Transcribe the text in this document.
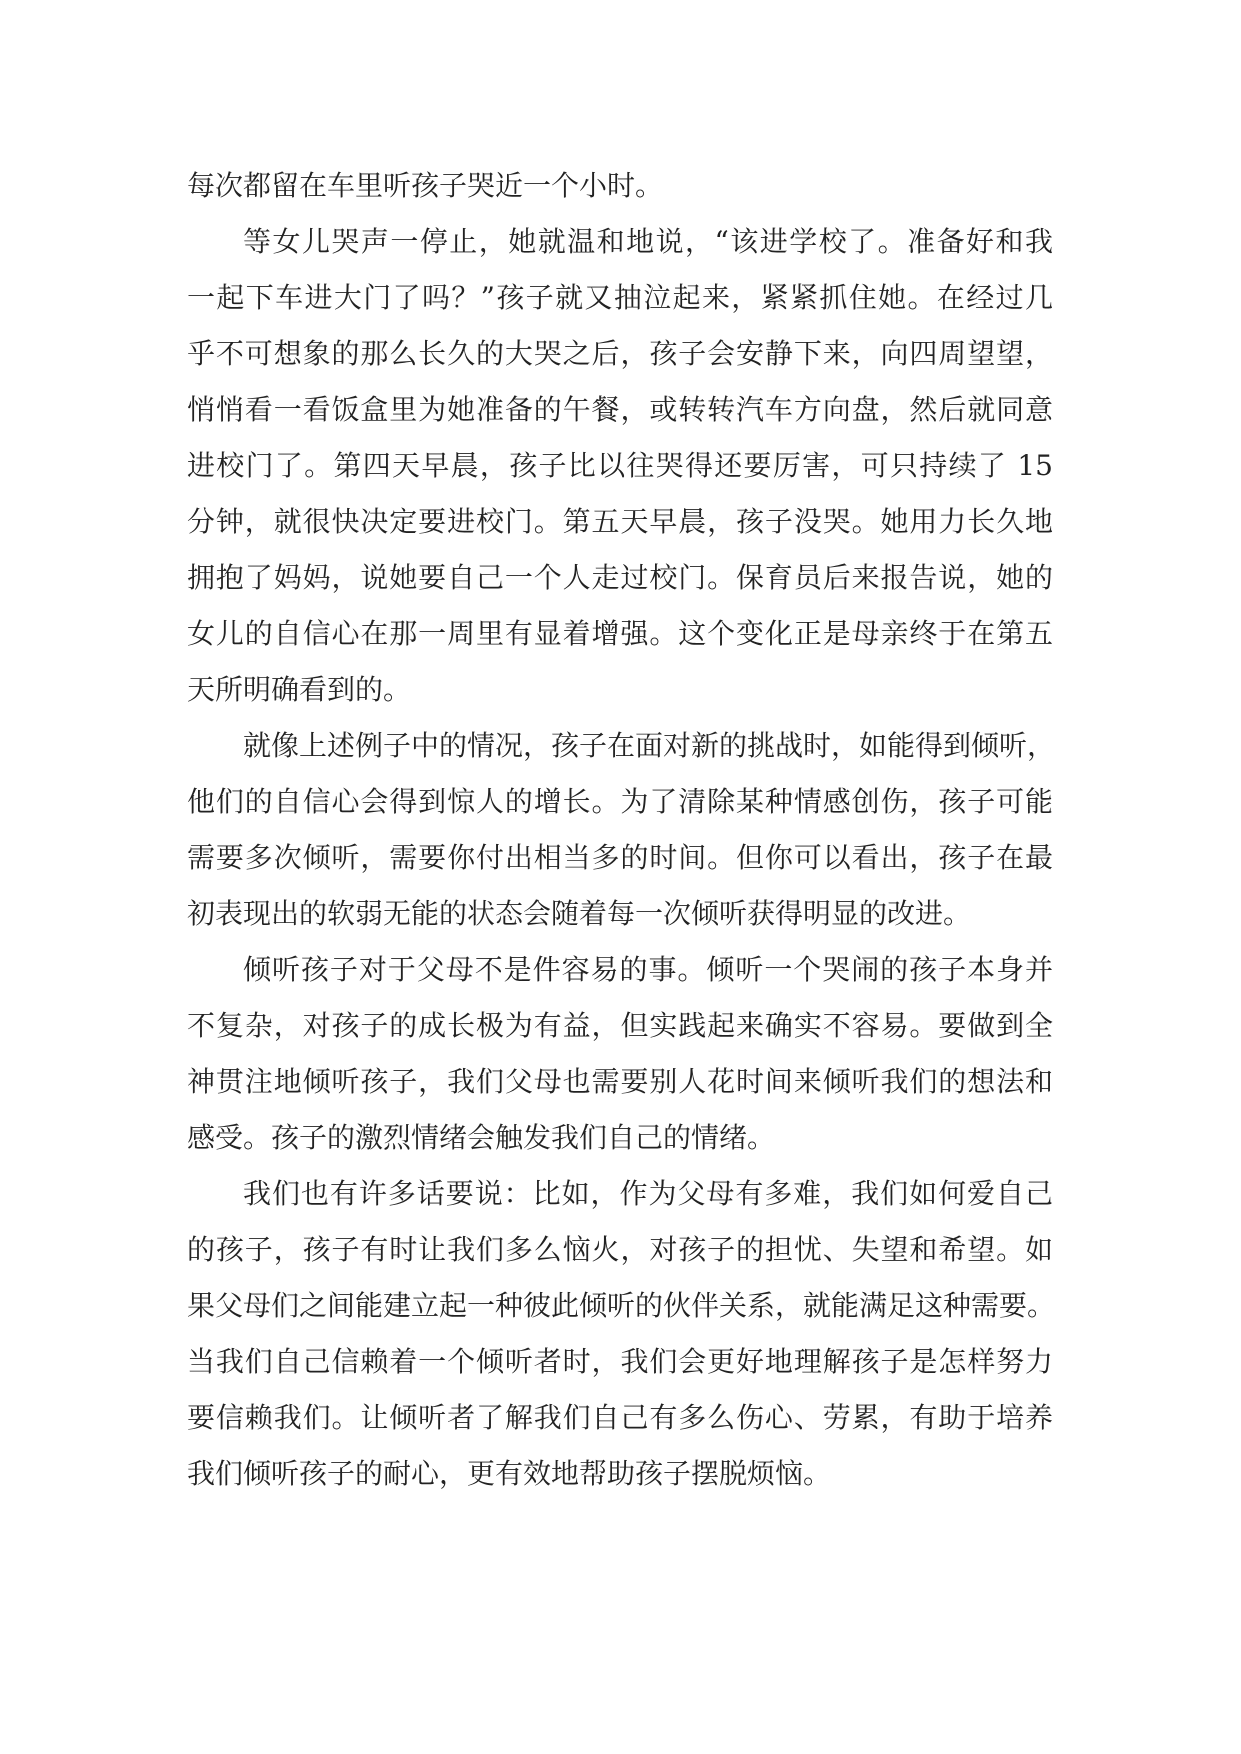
每次都留在车里听孩子哭近一个小时。
等女儿哭声一停止，她就温和地说，“该进学校了。准备好和我
一起下车进大门了吗？”孩子就又抽泣起来，紧紧抓住她。在经过几
乎不可想象的那么长久的大哭之后，孩子会安静下来，向四周望望，
悄悄看一看饭盒里为她准备的午餐，或转转汽车方向盘，然后就同意
进校门了。第四天早晨，孩子比以往哭得还要厉害，可只持续了 15
分钟，就很快决定要进校门。第五天早晨，孩子没哭。她用力长久地
拥抱了妈妈，说她要自己一个人走过校门。保育员后来报告说，她的
女儿的自信心在那一周里有显着增强。这个变化正是母亲终于在第五
天所明确看到的。
就像上述例子中的情况，孩子在面对新的挑战时，如能得到倾听，
他们的自信心会得到惊人的增长。为了清除某种情感创伤，孩子可能
需要多次倾听，需要你付出相当多的时间。但你可以看出，孩子在最
初表现出的软弱无能的状态会随着每一次倾听获得明显的改进。
倾听孩子对于父母不是件容易的事。倾听一个哭闹的孩子本身并
不复杂，对孩子的成长极为有益，但实践起来确实不容易。要做到全
神贯注地倾听孩子，我们父母也需要别人花时间来倾听我们的想法和
感受。孩子的激烈情绪会触发我们自己的情绪。
我们也有许多话要说：比如，作为父母有多难，我们如何爱自己
的孩子，孩子有时让我们多么恼火，对孩子的担忧、失望和希望。如
果父母们之间能建立起一种彼此倾听的伙伴关系，就能满足这种需要。
当我们自己信赖着一个倾听者时，我们会更好地理解孩子是怎样努力
要信赖我们。让倾听者了解我们自己有多么伤心、劳累，有助于培养
我们倾听孩子的耐心，更有效地帮助孩子摆脱烦恼。
